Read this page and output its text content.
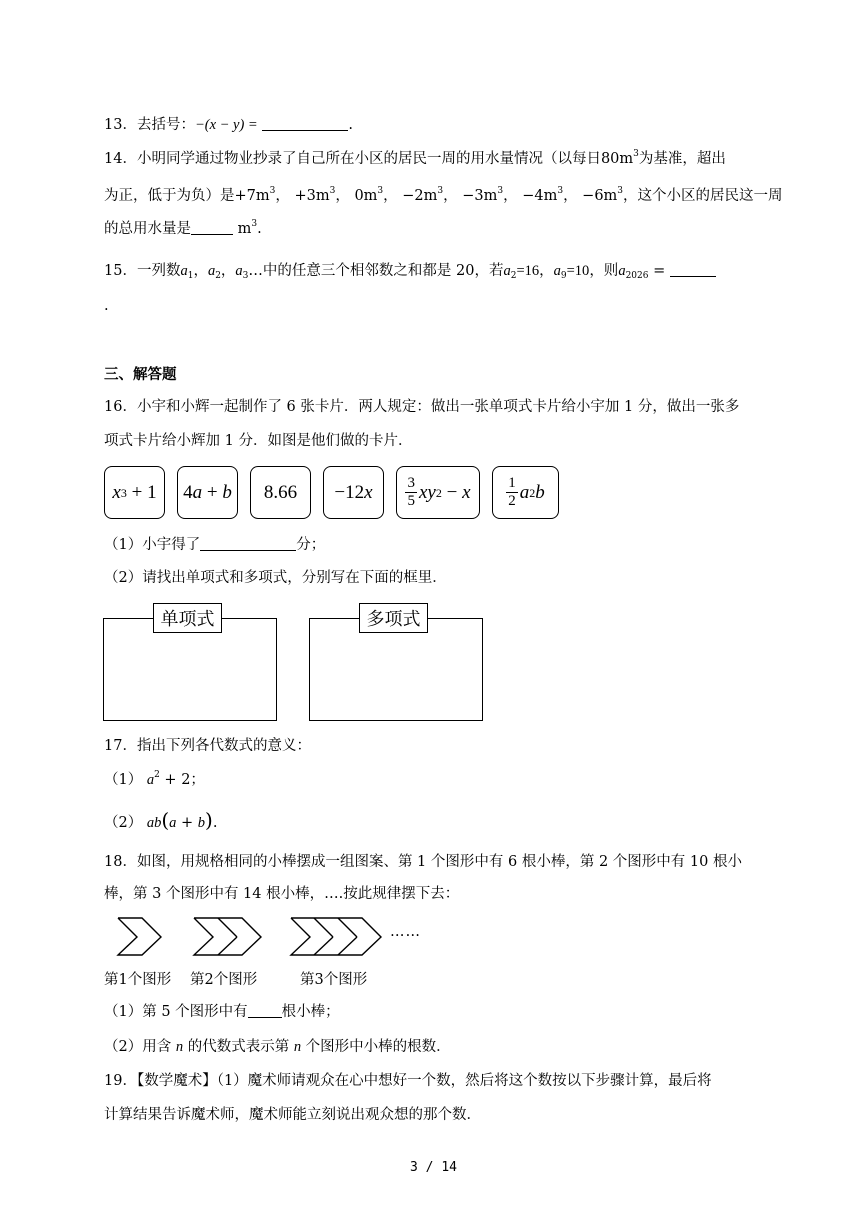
13．去括号：−(x − y) =	.
14．小明同学通过物业抄录了自己所在小区的居民一周的用水量情况（以每日$80m^3$为基准，超出
为正，低于为负）是$+7m^3$， $+3m^3$， $0m^3$， $-2m^3$， $-3m^3$， $-4m^3$， $-6m^3$，这个小区的居民这一周
的总用水量是	$m^3$.
15．一列数$a_1$，$a_2$，$a_3\dots$中的任意三个相邻数之和都是 20，若$a_2=16$，$a_9=10$，则$a_{2026}$ =
.
三、解答题
16．小宇和小辉一起制作了 6 张卡片．两人规定：做出一张单项式卡片给小宇加 1 分，做出一张多
项式卡片给小辉加 1 分．如图是他们做的卡片．
x 3 + 1	4 a + b	8.66	−12 x $\frac{3}{5}$ xy 2 − x $\frac{1}{2}$ a 2 b
（1）小宇得了	分；
（2）请找出单项式和多项式，分别写在下面的框里．
单项式	多项式
17．指出下列各代数式的意义：
（1） $a^2 + 2$；
（2） ab(a + b).
18．如图，用规格相同的小棒摆成一组图案、第 1 个图形中有 6 根小棒，第 2 个图形中有 10 根小
棒，第 3 个图形中有 14 根小棒，….按此规律摆下去：
……
第1个图形 第2个图形	第3个图形
（1）第 5 个图形中有 根小棒；
（2）用含 n 的代数式表示第 n 个图形中小棒的根数．
19．【数学魔术】（1）魔术师请观众在心中想好一个数，然后将这个数按以下步骤计算，最后将
计算结果告诉魔术师，魔术师能立刻说出观众想的那个数．
3 / 14
